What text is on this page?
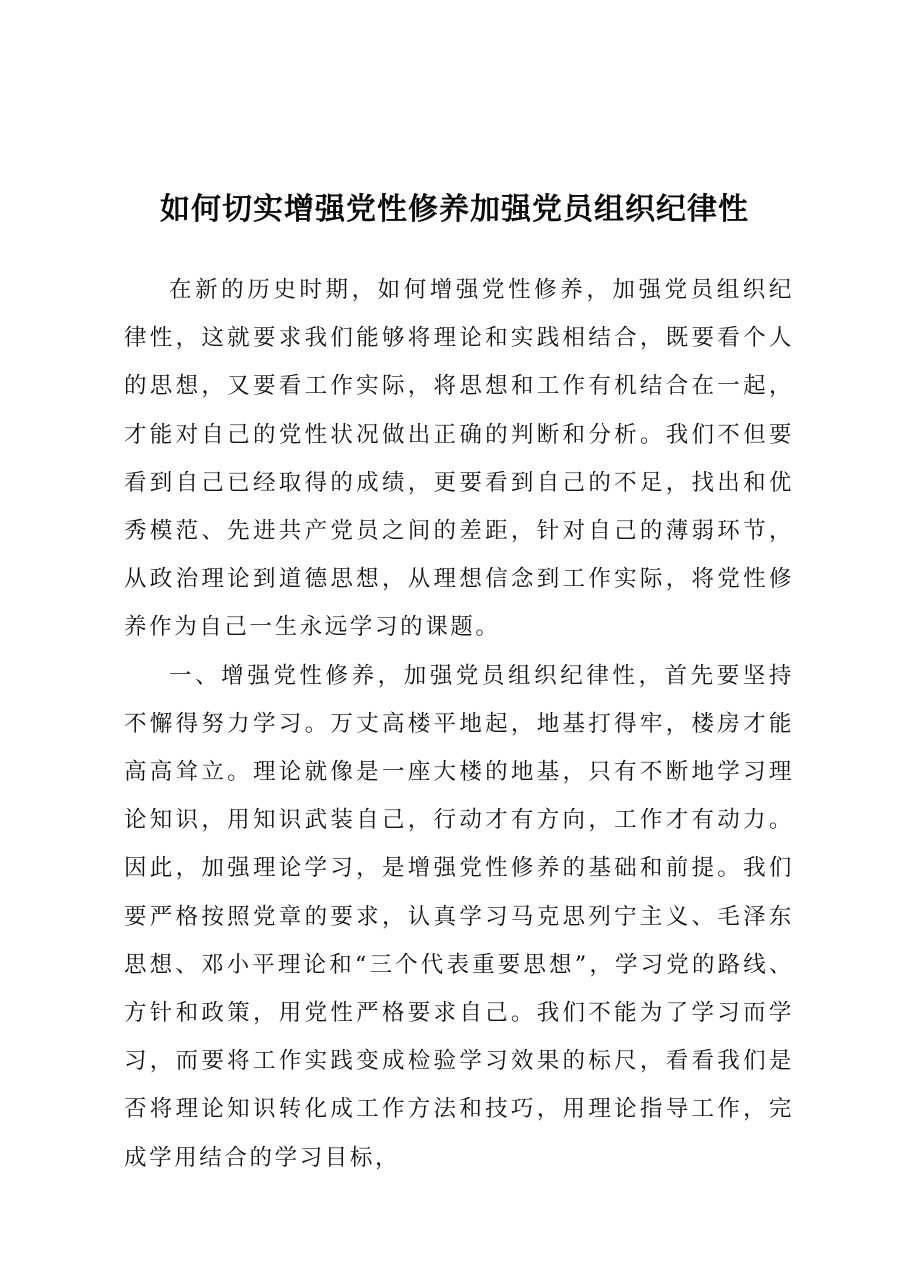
如何切实增强党性修养加强党员组织纪律性

在新的历史时期，如何增强党性修养，加强党员组织纪律性，这就要求我们能够将理论和实践相结合，既要看个人的思想，又要看工作实际，将思想和工作有机结合在一起，才能对自己的党性状况做出正确的判断和分析。我们不但要看到自己已经取得的成绩，更要看到自己的不足，找出和优秀模范、先进共产党员之间的差距，针对自己的薄弱环节，从政治理论到道德思想，从理想信念到工作实际，将党性修养作为自己一生永远学习的课题。

一、增强党性修养，加强党员组织纪律性，首先要坚持不懈得努力学习。万丈高楼平地起，地基打得牢，楼房才能高高耸立。理论就像是一座大楼的地基，只有不断地学习理论知识，用知识武装自己，行动才有方向，工作才有动力。因此，加强理论学习，是增强党性修养的基础和前提。我们要严格按照党章的要求，认真学习马克思列宁主义、毛泽东思想、邓小平理论和“三个代表重要思想”，学习党的路线、方针和政策，用党性严格要求自己。我们不能为了学习而学习，而要将工作实践变成检验学习效果的标尺，看看我们是否将理论知识转化成工作方法和技巧，用理论指导工作，完成学用结合的学习目标，
